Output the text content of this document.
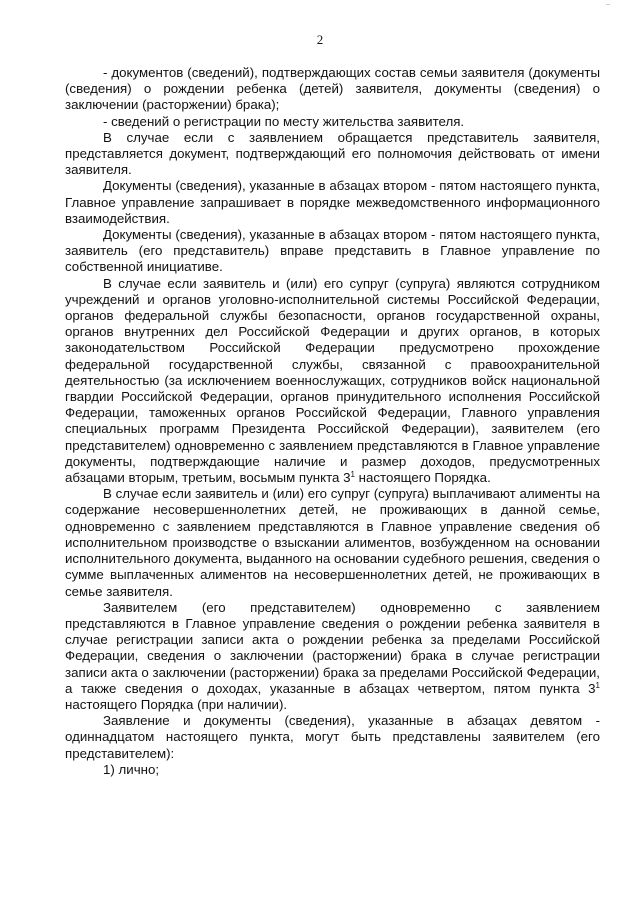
2

- документов (сведений), подтверждающих состав семьи заявителя (документы (сведения) о рождении ребенка (детей) заявителя, документы (сведения) о заключении (расторжении) брака);

- сведений о регистрации по месту жительства заявителя.

В случае если с заявлением обращается представитель заявителя, представляется документ, подтверждающий его полномочия действовать от имени заявителя.

Документы (сведения), указанные в абзацах втором - пятом настоящего пункта, Главное управление запрашивает в порядке межведомственного информационного взаимодействия.

Документы (сведения), указанные в абзацах втором - пятом настоящего пункта, заявитель (его представитель) вправе представить в Главное управление по собственной инициативе.

В случае если заявитель и (или) его супруг (супруга) являются сотрудником учреждений и органов уголовно-исполнительной системы Российской Федерации, органов федеральной службы безопасности, органов государственной охраны, органов внутренних дел Российской Федерации и других органов, в которых законодательством Российской Федерации предусмотрено прохождение федеральной государственной службы, связанной с правоохранительной деятельностью (за исключением военнослужащих, сотрудников войск национальной гвардии Российской Федерации, органов принудительного исполнения Российской Федерации, таможенных органов Российской Федерации, Главного управления специальных программ Президента Российской Федерации), заявителем (его представителем) одновременно с заявлением представляются в Главное управление документы, подтверждающие наличие и размер доходов, предусмотренных абзацами вторым, третьим, восьмым пункта $3^1$ настоящего Порядка.

В случае если заявитель и (или) его супруг (супруга) выплачивают алименты на содержание несовершеннолетних детей, не проживающих в данной семье, одновременно с заявлением представляются в Главное управление сведения об исполнительном производстве о взыскании алиментов, возбужденном на основании исполнительного документа, выданного на основании судебного решения, сведения о сумме выплаченных алиментов на несовершеннолетних детей, не проживающих в семье заявителя.

Заявителем (его представителем) одновременно с заявлением представляются в Главное управление сведения о рождении ребенка заявителя в случае регистрации записи акта о рождении ребенка за пределами Российской Федерации, сведения о заключении (расторжении) брака в случае регистрации записи акта о заключении (расторжении) брака за пределами Российской Федерации, а также сведения о доходах, указанные в абзацах четвертом, пятом пункта $3^1$ настоящего Порядка (при наличии).

Заявление и документы (сведения), указанные в абзацах девятом - одиннадцатом настоящего пункта, могут быть представлены заявителем (его представителем):

1) лично;
